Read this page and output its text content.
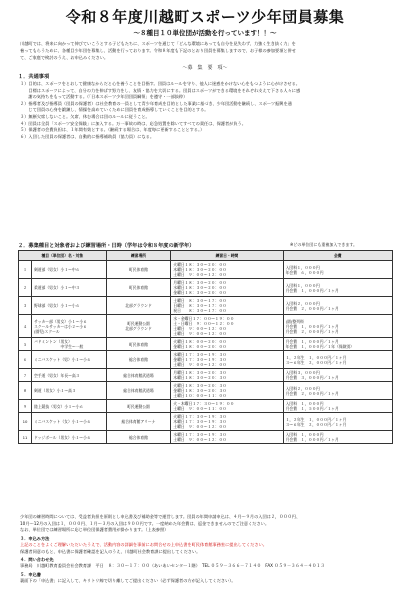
令和８年度川越町スポーツ少年団員募集
～８種目１０単位団が活動を行っています！！～
川越町では、将来に向かって伸びていこうとする子どもたちに、スポーツを通じて「どんな環境にあっても自分を見失わず、力強く生き抜く力」を
養ってもらうために、各種目少年団を募集し、活動を行っております。令和８年度も下記のとおり団員を募集しますので、お子様の参加要項と併せ
て、ご家庭で検討のうえ、お申込みください。
～募　集　要　項～
１．共通事項
１）目的は、スポーツをとおして健康なからだと心を養うことを目指す。団員はルールを守り、他人に迷惑をかけない心をもつように心がけさせる。
　　目標はスポーツによって、自分の力を伸ばす努力をし、友情・協力を大切にする。団員はスポーツができる環境をそれぞれ支えて下さる人々に感
　　謝の気持ちをもって活動する。（「日本スポーツ少年団団員綱領」を遵守・一部抜粋）
２）指導者及び指導員（団員の保護者）は社会教育の一員として青少年育成を目的とした事業に基づき、少年団活動を継続し、スポーツ振興を通
　　じて団員の心身を鍛錬し、情操を高めていくために団員を育成指導していくことを目的とする。
３）無断欠席しないこと。欠席、休む場合は団のルールに従うこと。
４）団員は全員「スポーツ安全保険」に加入する。万一事故の時は、応急処置を除いてすべての責任は、保護者が負う。
５）保護者の会費負担は、１年間有効とする。（継続する場合は、年度毎に更新することとする。）
６）入団した団員の保護者は、自動的に指導補助員（協力員）になる。
２．募集種目と対象者および練習場所・日時（学年は令和８年度の新学年）	※どの単位団にも重複加入できます。
種目（単位団）名・対象		練習場所	練習日・時間	会費
１	剣道部（男女）小１～中６	町民体育館	火曜日１８：３０～２０：００
木曜日１８：３０～２０：００
土曜日　９：００～１２：００	入団料１，０００円
年会費　６，０００円
２	柔道部（男女）小１～中３	町民体育館	月曜日１８：３０～２０：００
水曜日１８：３０～２０：００
金曜日１８：３０～２０：００	入団料１，０００円
月会費　１，０００円／１ヶ月
３	野球部（男女）小１～小６	北部グラウンド	土曜日　８：３０～１７：００
日曜日　８：３０～１７：００
祝日　　８：３０～１７：００	入団料２，０００円
月会費　２，０００円／１ヶ月
４	サッカー部（男女）小１～小６
スクールサッカーは小２～小６
(園児)スクール	町民運動公園
北部グラウンド	水・金曜日１７：００～１９：００
土・日曜日　９：００～１２：００
土曜日　９：００～１２：００
土曜日　９：００～１２：００	(園)整列料
月会費　１，０００円／１ヶ月
月会費　２，０００円／１ヶ月
５	バドミントン（男女）
　　　　　　　中学生～一般	町民体育館	火曜日１８：００～２０：００
金曜日１８：００～２０：００	月会費　１，０００円／１ヶ月
年会費　１，０００円／１年（保険別）
６	ミニバスケット（男）小１～小６	総合体育館	水曜日１７：３０～１９：３０
金曜日１７：３０～１９：３０
土曜日　９：００～１２：００	１，２年生　１，０００円／１ヶ月
３～６年生　２，０００円／１ヶ月
７	空手道（男女）年長～高３	総合体育館武道場	月曜日１８：３０～２０：３０
木曜日１８：３０～２０：３０	入団料３，０００円
月会費　３，０００円／１ヶ月
８	剣道（男女）小１～高３	総合体育館武道場	火曜日１８：３０～２０：３０
金曜日１８：３０～２０：３０
土曜日１０：００～１１：００	入団料２，０００円
月会費　２，０００円／１ヶ月
９	陸上競技（男女）小１～小６	町民運動公園	火・木曜日１７：３０～１９：００
土曜日　９：００～１１：００	入団料　１，０００円
月会費　１，５００円／１ヶ月
10	ミニバスケット（女）小１～小６	総合体育館アリーナ	火曜日１７：３０～１９：３０
木曜日１７：３０～１９：３０
土曜日　９：００～１２：００	１，２年生　１，０００円／１ヶ月
３～６年生　２，０００円／１ヶ月
11	ドッジボール（男女）小１～小６	総合体育館	水曜日１７：３０～１９：３０
土曜日　９：００～１２：００	入団料　１，０００円
月会費　１，０００円／１ヶ月
少年団の練習時間については、受益者負担を原則とし申込書及び補助金等で運営します。団員の年間申請申込は、４月～９月の入団は２，０００円、
10月～12月の入団は１，０００円、１月～３月の入団は９００円です。一度納めた年会費は、返金できませんのでご注意ください。
なお、単位団では練習場所に応じ単位団保護者費用が掛かります。（上表参照）
３．申込み方法
上記のことをよくご理解いただいたうえで、活動内容の詳細を事前にお問合せの上申込書を町民体育館事務室に提出してください。
保護者同意のもと、申込書に保護者確認を記入のうえ、川越町社会教育課に提出してください。
４．問い合わせ先
事務局　川越町教育委員会社会教育課　平日　８：３０～１７：００（あいあいセンター１階）　TEL ０５９－３６６－７１４０　FAX ０５９－３６４－４０１３
５．申込書
裏面下の「申込書」に記入して、キリトリ線で切り離してご提出ください（必ず保護者の方が記入してください）。
